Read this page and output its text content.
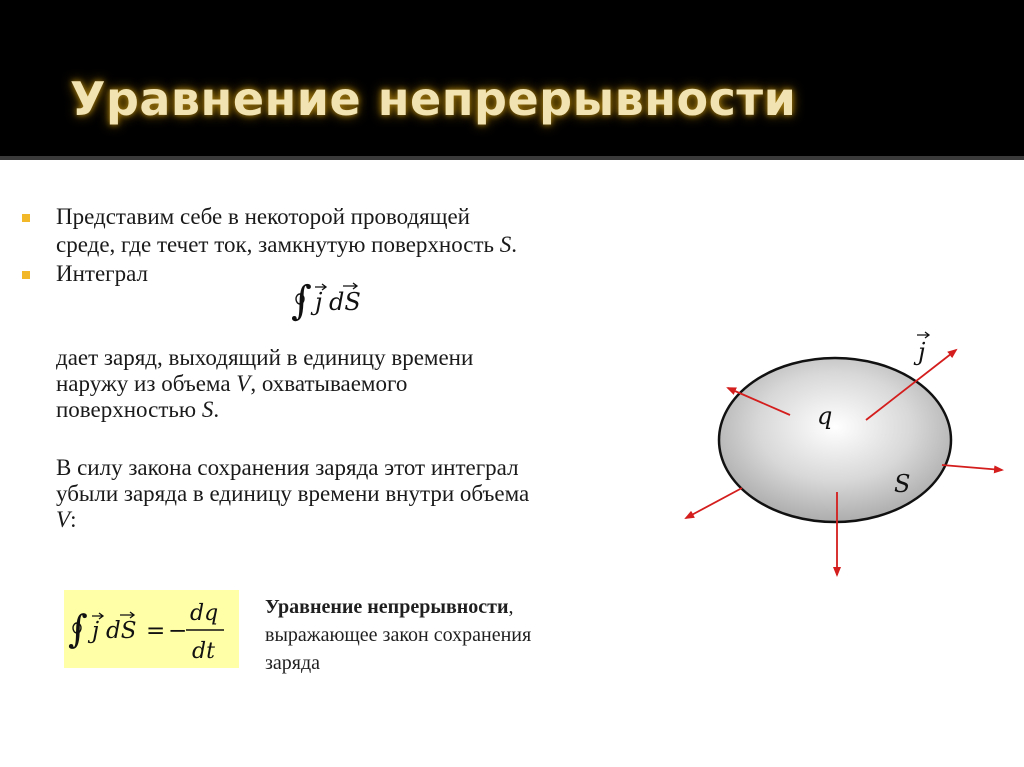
Уравнение непрерывности
Представим себе в некоторой проводящей
среде, где течет ток, замкнутую поверхность S.
Интеграл
∫ j dS
дает заряд, выходящий в единицу времени
наружу из объема V, охватываемого
поверхностью S.
В силу закона сохранения заряда этот интеграл
убыли заряда в единицу времени внутри объема
V:
∫ j dS = −
dq
dt
Уравнение непрерывности,
выражающее закон сохранения
заряда
q
S
j
